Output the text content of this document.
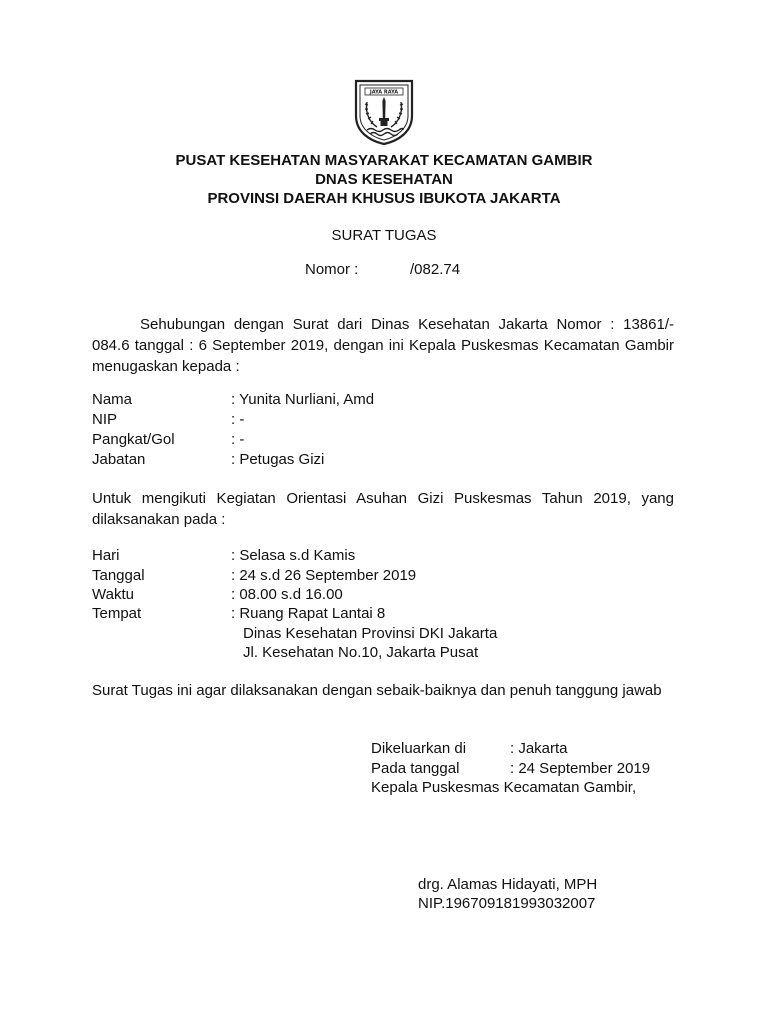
JAYA RAYA
PUSAT KESEHATAN MASYARAKAT KECAMATAN GAMBIR
DNAS KESEHATAN
PROVINSI DAERAH KHUSUS IBUKOTA JAKARTA
SURAT TUGAS
Nomor :	/082.74
Sehubungan dengan Surat dari Dinas Kesehatan Jakarta Nomor : 13861/-
084.6 tanggal : 6 September 2019, dengan ini Kepala Puskesmas Kecamatan Gambir
menugaskan kepada :
Nama	: Yunita Nurliani, Amd
NIP	: -
Pangkat/Gol	: -
Jabatan	: Petugas Gizi
Untuk mengikuti Kegiatan Orientasi Asuhan Gizi Puskesmas Tahun 2019, yang
dilaksanakan pada :
Hari	: Selasa s.d Kamis
Tanggal	: 24 s.d 26 September 2019
Waktu	: 08.00 s.d 16.00
Tempat	: Ruang Rapat Lantai 8
Dinas Kesehatan Provinsi DKI Jakarta
Jl. Kesehatan No.10, Jakarta Pusat
Surat Tugas ini agar dilaksanakan dengan sebaik-baiknya dan penuh tanggung jawab
Dikeluarkan di	: Jakarta
Pada tanggal	: 24 September 2019
Kepala Puskesmas Kecamatan Gambir,
drg. Alamas Hidayati, MPH
NIP.196709181993032007
